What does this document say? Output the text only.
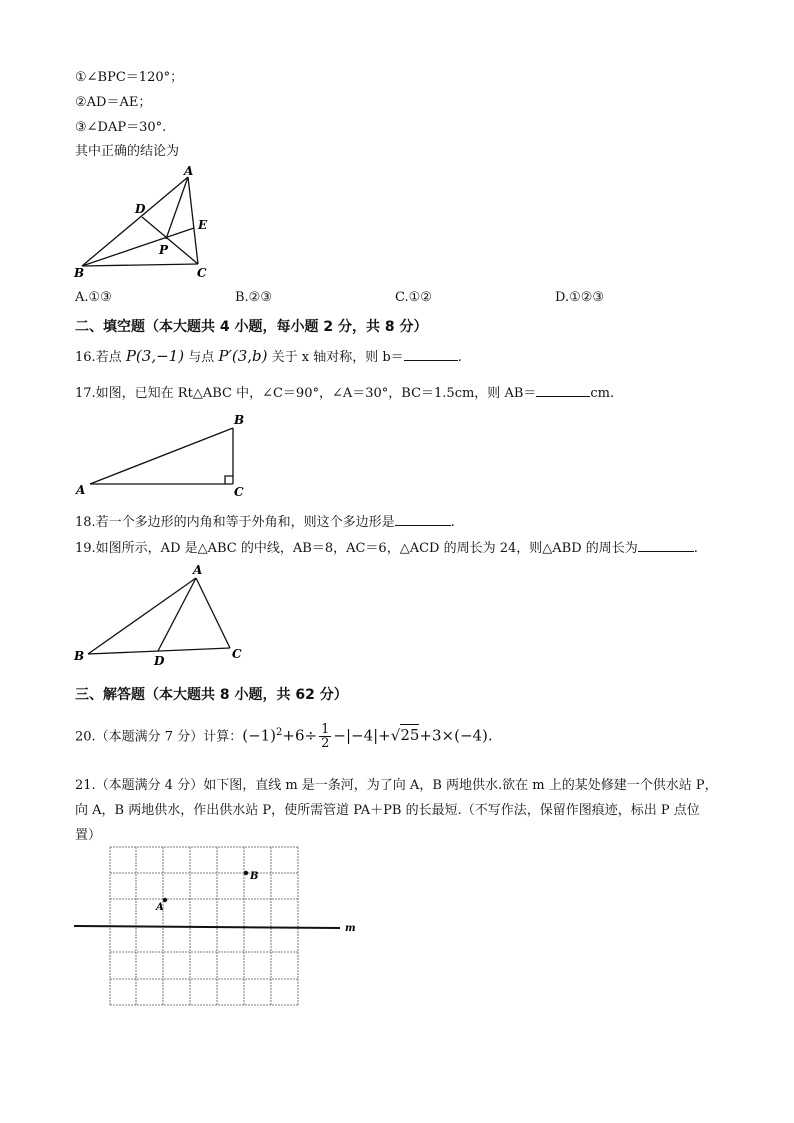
①∠BPC＝120°；
②AD＝AE；
③∠DAP＝30°.
其中正确的结论为
A
D
E
P
B	C
A.①③	B.②③	C.①②	D.①②③
二、填空题（本大题共 4 小题，每小题 2 分，共 8 分）
16.若点 P(3,−1) 与点 P′(3,b) 关于 x 轴对称，则 b＝	.
17.如图，已知在 Rt△ABC 中，∠C＝90°，∠A＝30°，BC＝1.5cm，则 AB＝	cm.
A
B
C
18.若一个多边形的内角和等于外角和，则这个多边形是	.
19.如图所示，AD 是△ABC 的中线，AB＝8，AC＝6，△ACD 的周长为 24，则△ABD 的周长为	.
A
B	D	C
三、解答题（本大题共 8 小题，共 62 分）
20.（本题满分 7 分）计算：$(-1)^2+6\div \frac{1}{2} -|-4|+√25+3\times(-4)$.
21.（本题满分 4 分）如下图，直线 m 是一条河，为了向 A，B 两地供水.欲在 m 上的某处修建一个供水站 P，
向 A，B 两地供水，作出供水站 P，使所需管道 PA＋PB 的长最短.（不写作法，保留作图痕迹，标出 P 点位
置）
B
A
m
